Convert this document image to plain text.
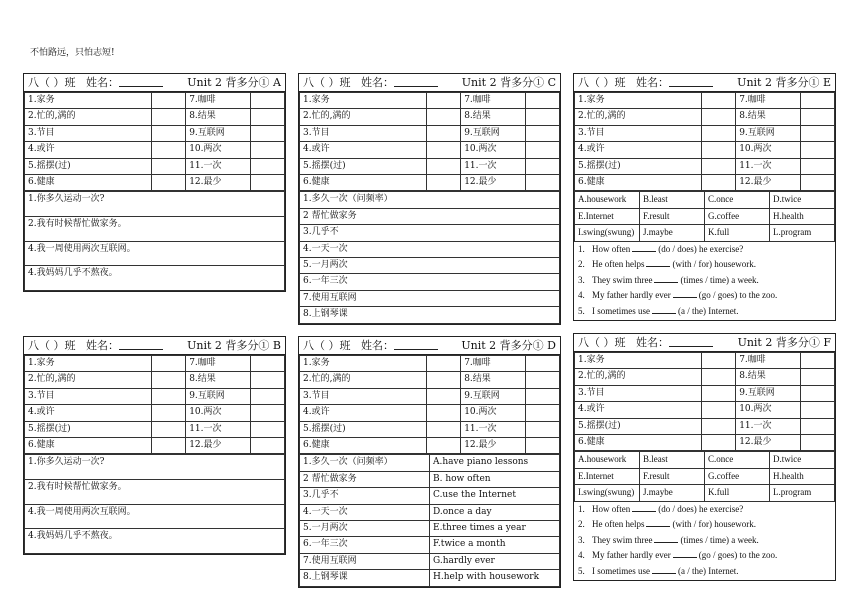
不怕路远，只怕志短!
八（ ）班 姓名：	Unit 2 背多分① A
1.家务		7.咖啡	
2.忙的,满的		8.结果	
3.节目		9.互联网	
4.或许		10.两次	
5.摇摆(过)		11.一次	
6.健康		12.最少	
1.你多久运动一次?
2.我有时候帮忙做家务。
4.我一周使用两次互联网。
4.我妈妈几乎不熬夜。
八（ ）班 姓名：	Unit 2 背多分① B
1.家务		7.咖啡	
2.忙的,满的		8.结果	
3.节目		9.互联网	
4.或许		10.两次	
5.摇摆(过)		11.一次	
6.健康		12.最少	
1.你多久运动一次?
2.我有时候帮忙做家务。
4.我一周使用两次互联网。
4.我妈妈几乎不熬夜。
八（ ）班 姓名：	Unit 2 背多分① C
1.家务		7.咖啡	
2.忙的,满的		8.结果	
3.节目		9.互联网	
4.或许		10.两次	
5.摇摆(过)		11.一次	
6.健康		12.最少	
1.多久一次（问频率）
2 帮忙做家务
3.几乎不
4.一天一次
5.一月两次
6.一年三次
7.使用互联网
8.上钢琴课
八（ ）班 姓名：	Unit 2 背多分① D
1.家务		7.咖啡	
2.忙的,满的		8.结果	
3.节目		9.互联网	
4.或许		10.两次	
5.摇摆(过)		11.一次	
6.健康		12.最少	
1.多久一次（问频率）	A.have piano lessons
2 帮忙做家务	B. how often
3.几乎不	C.use the Internet
4.一天一次	D.once a day
5.一月两次	E.three times a year
6.一年三次	F.twice a month
7.使用互联网	G.hardly ever
8.上钢琴课	H.help with housework
八（ ）班 姓名：	Unit 2 背多分① E
1.家务		7.咖啡	
2.忙的,满的		8.结果	
3.节目		9.互联网	
4.或许		10.两次	
5.摇摆(过)		11.一次	
6.健康		12.最少	
A.housework	B.least	C.once	D.twice
E.Internet	F.result	G.coffee	H.health
I.swing(swung)	J.maybe	K.full	L.program
1. How often	(do / does) he exercise?
2. He often helps	(with / for) housework.
3. They swim three	(times / time) a week.
4. My father hardly ever	(go / goes) to the zoo.
5. I sometimes use	(a / the) Internet.
八（ ）班 姓名：	Unit 2 背多分① F
1.家务		7.咖啡	
2.忙的,满的		8.结果	
3.节目		9.互联网	
4.或许		10.两次	
5.摇摆(过)		11.一次	
6.健康		12.最少	
A.housework	B.least	C.once	D.twice
E.Internet	F.result	G.coffee	H.health
I.swing(swung)	J.maybe	K.full	L.program
1. How often	(do / does) he exercise?
2. He often helps	(with / for) housework.
3. They swim three	(times / time) a week.
4. My father hardly ever	(go / goes) to the zoo.
5. I sometimes use	(a / the) Internet.
